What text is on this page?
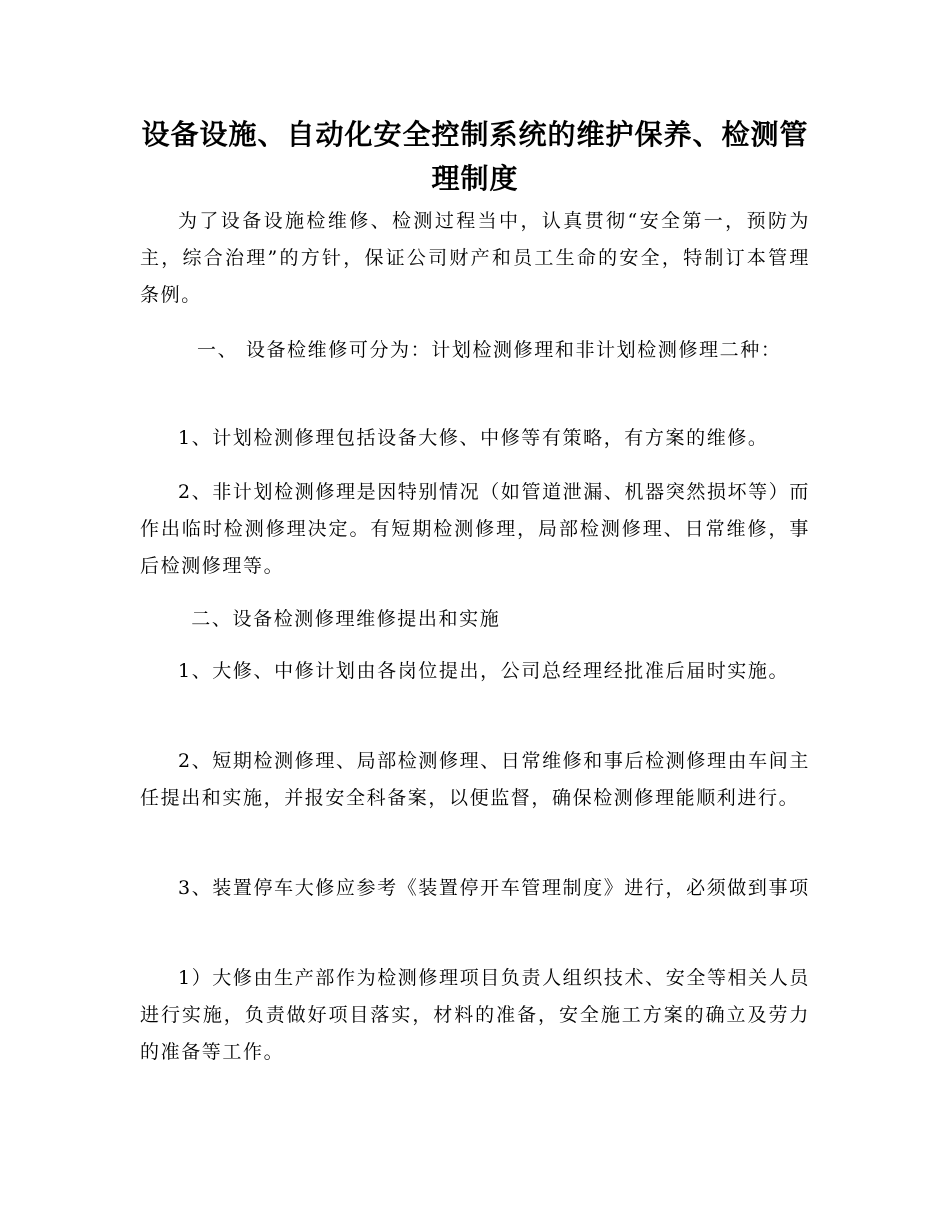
设备设施、自动化安全控制系统的维护保养、检测管理制度
为了设备设施检维修、检测过程当中，认真贯彻“安全第一，预防为主，综合治理”的方针，保证公司财产和员工生命的安全，特制订本管理条例。
一、 设备检维修可分为：计划检测修理和非计划检测修理二种：
1、计划检测修理包括设备大修、中修等有策略，有方案的维修。
2、非计划检测修理是因特别情况（如管道泄漏、机器突然损坏等）而作出临时检测修理决定。有短期检测修理，局部检测修理、日常维修，事后检测修理等。
二、设备检测修理维修提出和实施
1、大修、中修计划由各岗位提出，公司总经理经批准后届时实施。
2、短期检测修理、局部检测修理、日常维修和事后检测修理由车间主任提出和实施，并报安全科备案，以便监督，确保检测修理能顺利进行。
3、装置停车大修应参考《装置停开车管理制度》进行，必须做到事项
1）大修由生产部作为检测修理项目负责人组织技术、安全等相关人员进行实施，负责做好项目落实，材料的准备，安全施工方案的确立及劳力的准备等工作。
